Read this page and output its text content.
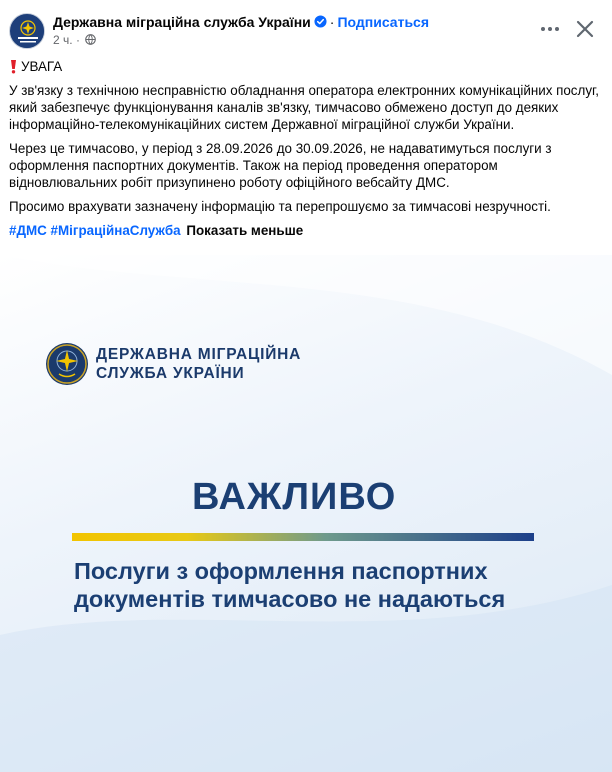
Державна міграційна служба України · Подписаться
2 ч. ·

УВАГА

У зв'язку з технічною несправністю обладнання оператора електронних комунікаційних послуг, який забезпечує функціонування каналів зв'язку, тимчасово обмежено доступ до деяких інформаційно-телекомунікаційних систем Державної міграційної служби України.

Через це тимчасово, у період з 28.09.2026 до 30.09.2026, не надаватимуться послуги з оформлення паспортних документів. Також на період проведення оператором відновлювальних робіт призупинено роботу офіційного вебсайту ДМС.

Просимо врахувати зазначену інформацію та перепрошуємо за тимчасові незручності.

#ДМС #МіграційнаСлужба Показать меньше

ДЕРЖАВНА МІГРАЦІЙНА
СЛУЖБА УКРАЇНИ
ВАЖЛИВО
Послуги з оформлення паспортних документів тимчасово не надаються
